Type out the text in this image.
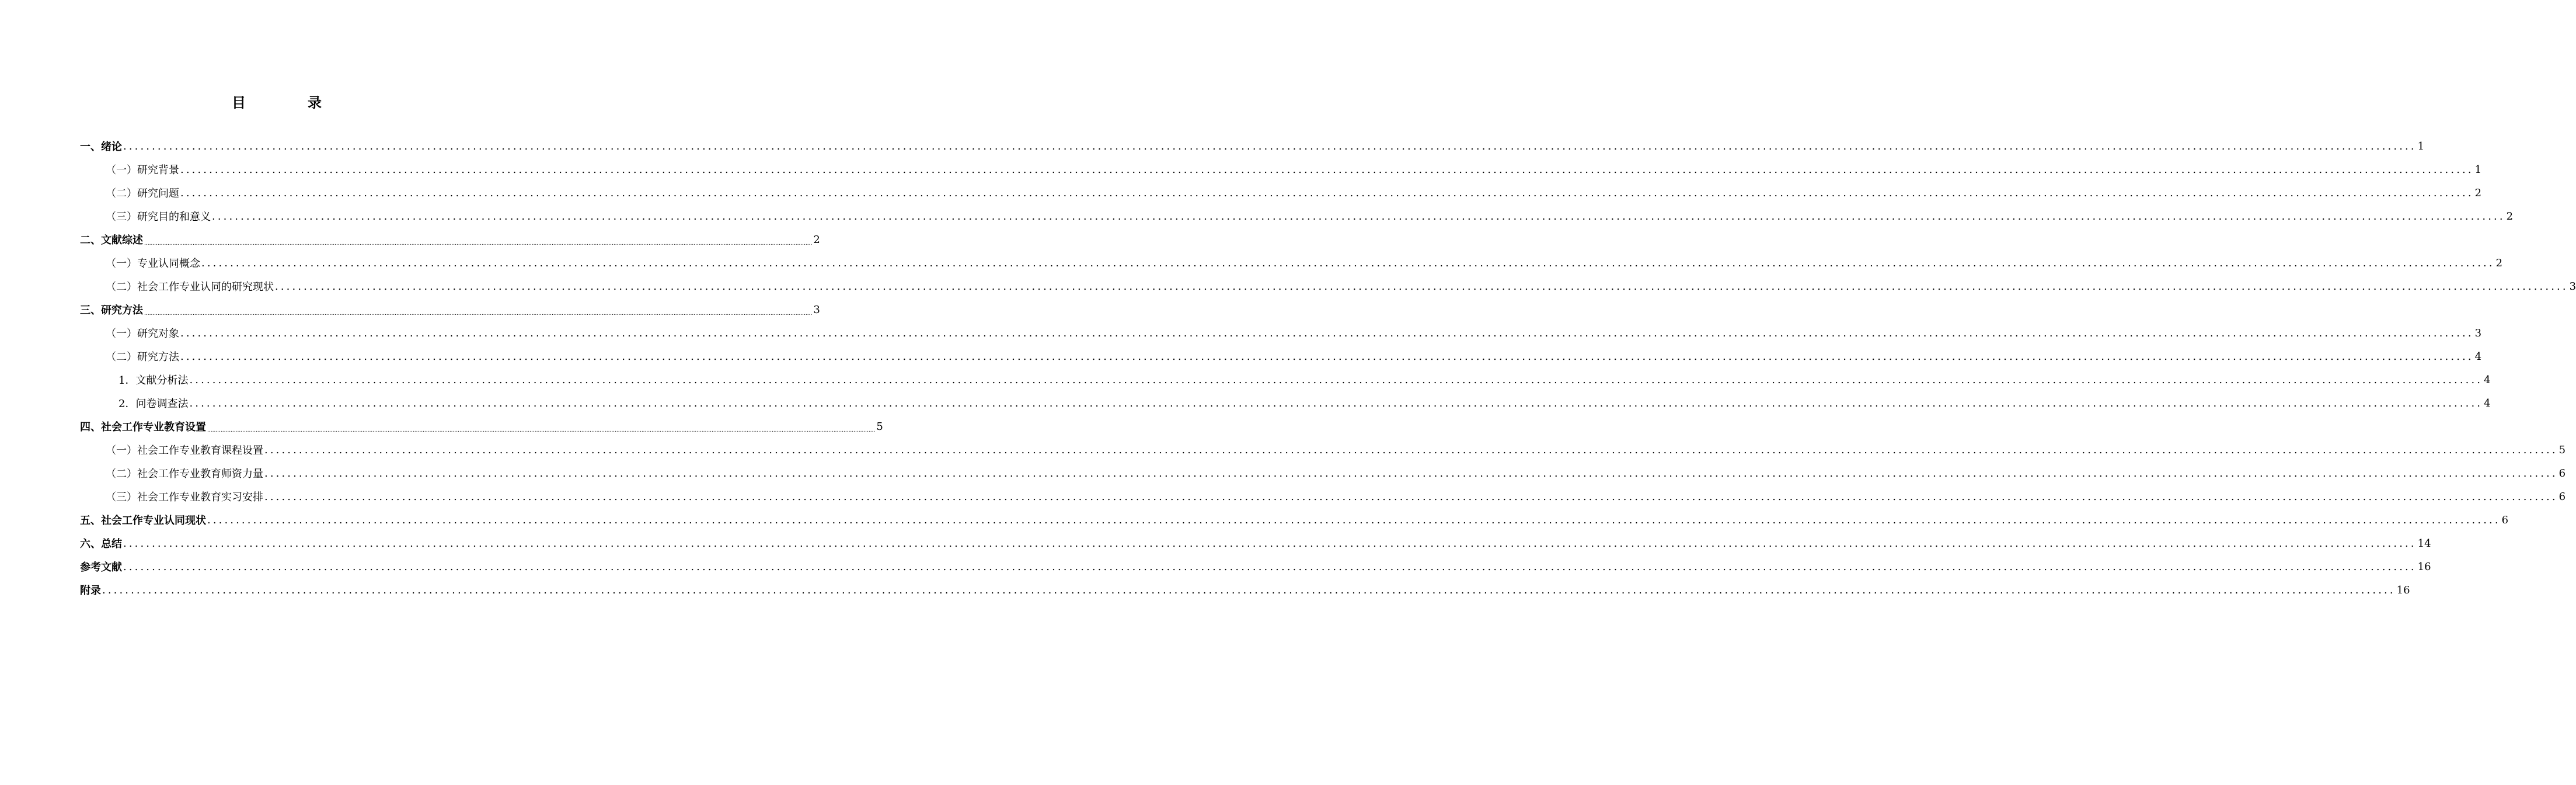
目	录
一、绪论 ................................................................................................................................................................................................................................................................................................................................................................................................................ 1
（一）研究背景 ................................................................................................................................................................................................................................................................................................................................................................................................................ 1
（二）研究问题 ................................................................................................................................................................................................................................................................................................................................................................................................................ 2
（三）研究目的和意义 ................................................................................................................................................................................................................................................................................................................................................................................................................ 2
二、文献综述 ................................................................................................................................................................................................................................................................................................................................................................................................................ 2
（一）专业认同概念 ................................................................................................................................................................................................................................................................................................................................................................................................................ 2
（二）社会工作专业认同的研究现状 ................................................................................................................................................................................................................................................................................................................................................................................................................ 3
三、研究方法 ................................................................................................................................................................................................................................................................................................................................................................................................................ 3
（一）研究对象 ................................................................................................................................................................................................................................................................................................................................................................................................................ 3
（二）研究方法 ................................................................................................................................................................................................................................................................................................................................................................................................................ 4
1．文献分析法 ................................................................................................................................................................................................................................................................................................................................................................................................................ 4
2．问卷调查法 ................................................................................................................................................................................................................................................................................................................................................................................................................ 4
四、社会工作专业教育设置 ................................................................................................................................................................................................................................................................................................................................................................................................................ 5
（一）社会工作专业教育课程设置 ................................................................................................................................................................................................................................................................................................................................................................................................................ 5
（二）社会工作专业教育师资力量 ................................................................................................................................................................................................................................................................................................................................................................................................................ 6
（三）社会工作专业教育实习安排 ................................................................................................................................................................................................................................................................................................................................................................................................................ 6
五、社会工作专业认同现状 ................................................................................................................................................................................................................................................................................................................................................................................................................ 6
六、总结 ................................................................................................................................................................................................................................................................................................................................................................................................................ 14
参考文献 ................................................................................................................................................................................................................................................................................................................................................................................................................ 16
附录 ................................................................................................................................................................................................................................................................................................................................................................................................................ 16
